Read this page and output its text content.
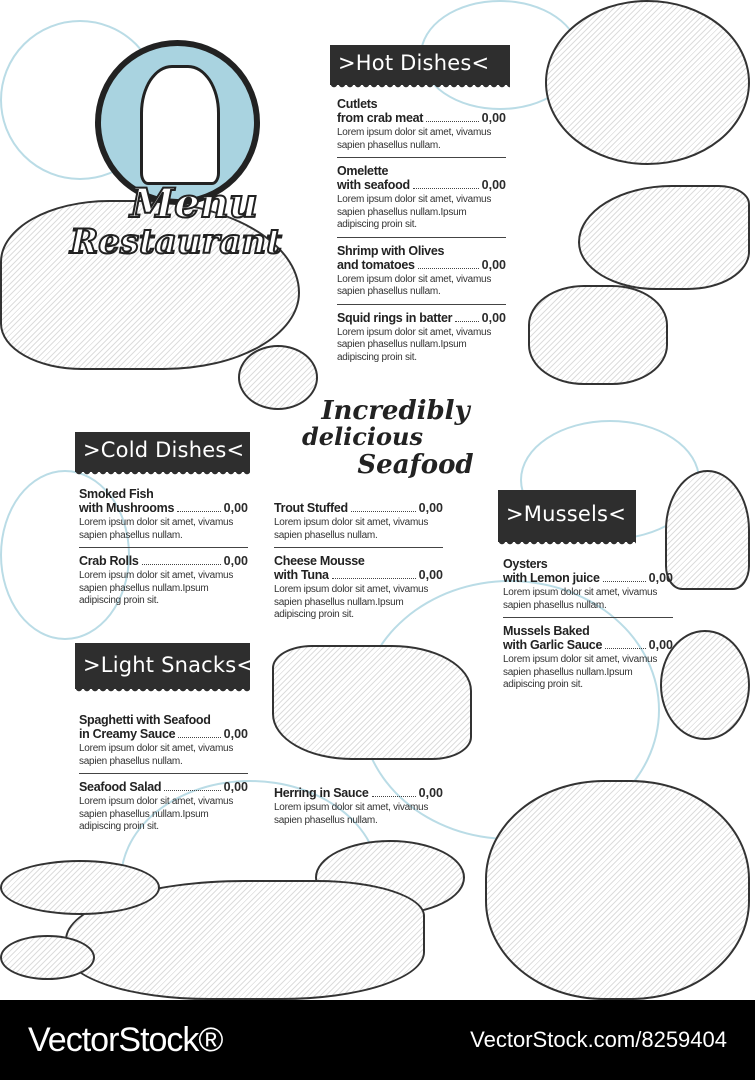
Menu
Restaurant
Incredibly
delicious
Seafood
>Hot Dishes<
>Cold Dishes<
>Light Snacks<
>Mussels<
Cutlets
from crab meat	0,00
Lorem ipsum dolor sit amet, vivamus sapien phasellus nullam.
Omelette
with seafood	0,00
Lorem ipsum dolor sit amet, vivamus sapien phasellus nullam.Ipsum adipiscing proin sit.
Shrimp with Olives
and tomatoes	0,00
Lorem ipsum dolor sit amet, vivamus sapien phasellus nullam.
Squid rings in batter 0,00
Lorem ipsum dolor sit amet, vivamus sapien phasellus nullam.Ipsum adipiscing proin sit.
Smoked Fish
with Mushrooms	0,00
Lorem ipsum dolor sit amet, vivamus sapien phasellus nullam.
Crab Rolls	0,00
Lorem ipsum dolor sit amet, vivamus sapien phasellus nullam.Ipsum adipiscing proin sit.
Spaghetti with Seafood
in Creamy Sauce	0,00
Lorem ipsum dolor sit amet, vivamus sapien phasellus nullam.
Seafood Salad	0,00
Lorem ipsum dolor sit amet, vivamus sapien phasellus nullam.Ipsum adipiscing proin sit.
Trout Stuffed	0,00
Lorem ipsum dolor sit amet, vivamus sapien phasellus nullam.
Cheese Mousse
with Tuna	0,00
Lorem ipsum dolor sit amet, vivamus sapien phasellus nullam.Ipsum adipiscing proin sit.
Herring in Sauce	0,00
Lorem ipsum dolor sit amet, vivamus sapien phasellus nullam.
Oysters
with Lemon juice	0,00
Lorem ipsum dolor sit amet, vivamus sapien phasellus nullam.
Mussels Baked
with Garlic Sauce	0,00
Lorem ipsum dolor sit amet, vivamus sapien phasellus nullam.Ipsum adipiscing proin sit.
VectorStock®	VectorStock.com/8259404
